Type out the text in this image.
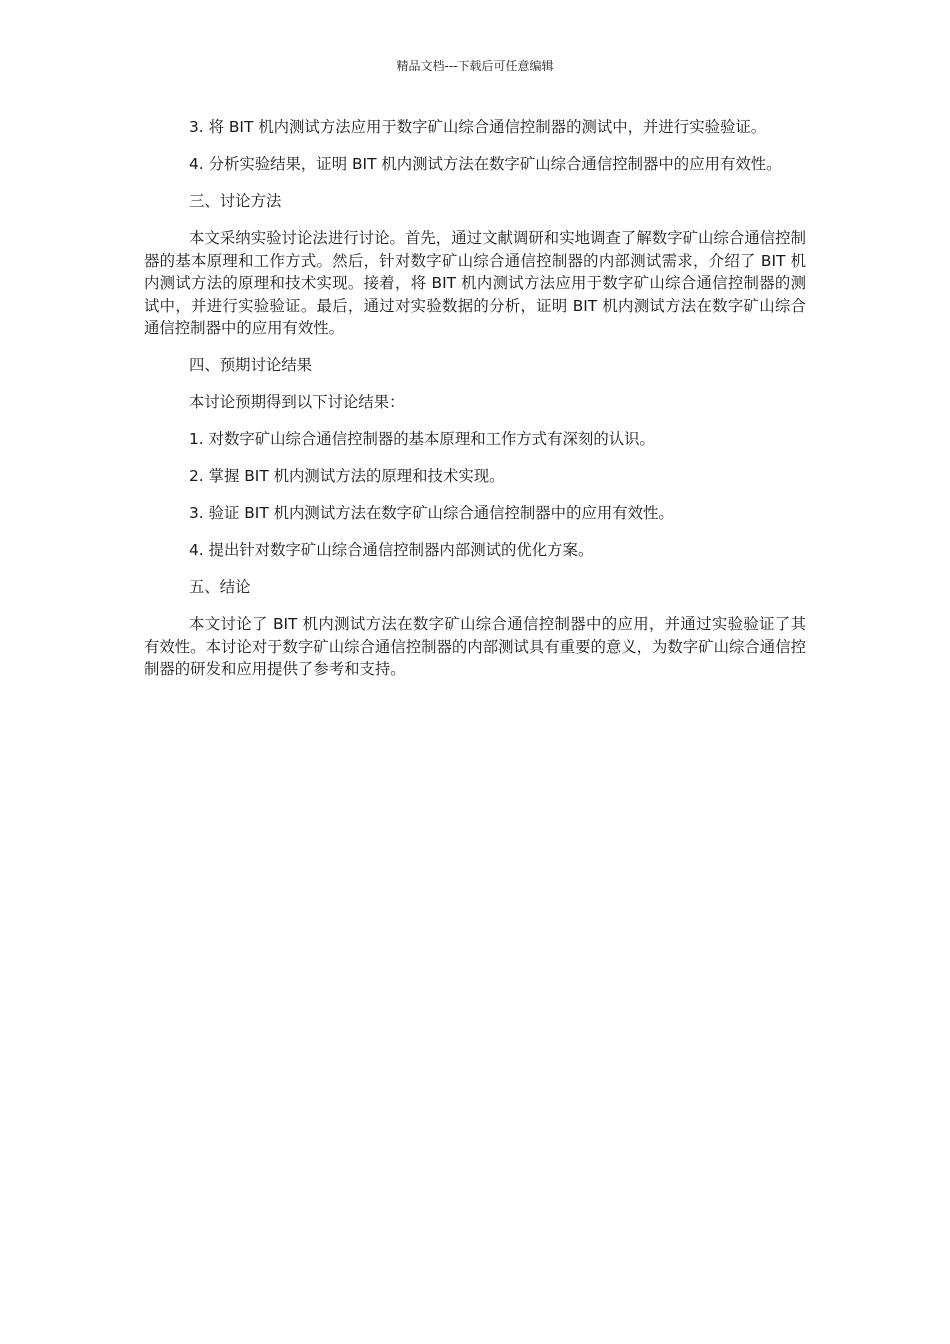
精品文档---下载后可任意编辑

3. 将 BIT 机内测试方法应用于数字矿山综合通信控制器的测试中，并进行实验验证。

4. 分析实验结果，证明 BIT 机内测试方法在数字矿山综合通信控制器中的应用有效性。

三、讨论方法

本文采纳实验讨论法进行讨论。首先，通过文献调研和实地调查了解数字矿山综合通信控制器的基本原理和工作方式。然后，针对数字矿山综合通信控制器的内部测试需求，介绍了 BIT 机内测试方法的原理和技术实现。接着，将 BIT 机内测试方法应用于数字矿山综合通信控制器的测试中，并进行实验验证。最后，通过对实验数据的分析，证明 BIT 机内测试方法在数字矿山综合通信控制器中的应用有效性。

四、预期讨论结果

本讨论预期得到以下讨论结果：

1. 对数字矿山综合通信控制器的基本原理和工作方式有深刻的认识。

2. 掌握 BIT 机内测试方法的原理和技术实现。

3. 验证 BIT 机内测试方法在数字矿山综合通信控制器中的应用有效性。

4. 提出针对数字矿山综合通信控制器内部测试的优化方案。

五、结论

本文讨论了 BIT 机内测试方法在数字矿山综合通信控制器中的应用，并通过实验验证了其有效性。本讨论对于数字矿山综合通信控制器的内部测试具有重要的意义，为数字矿山综合通信控制器的研发和应用提供了参考和支持。
